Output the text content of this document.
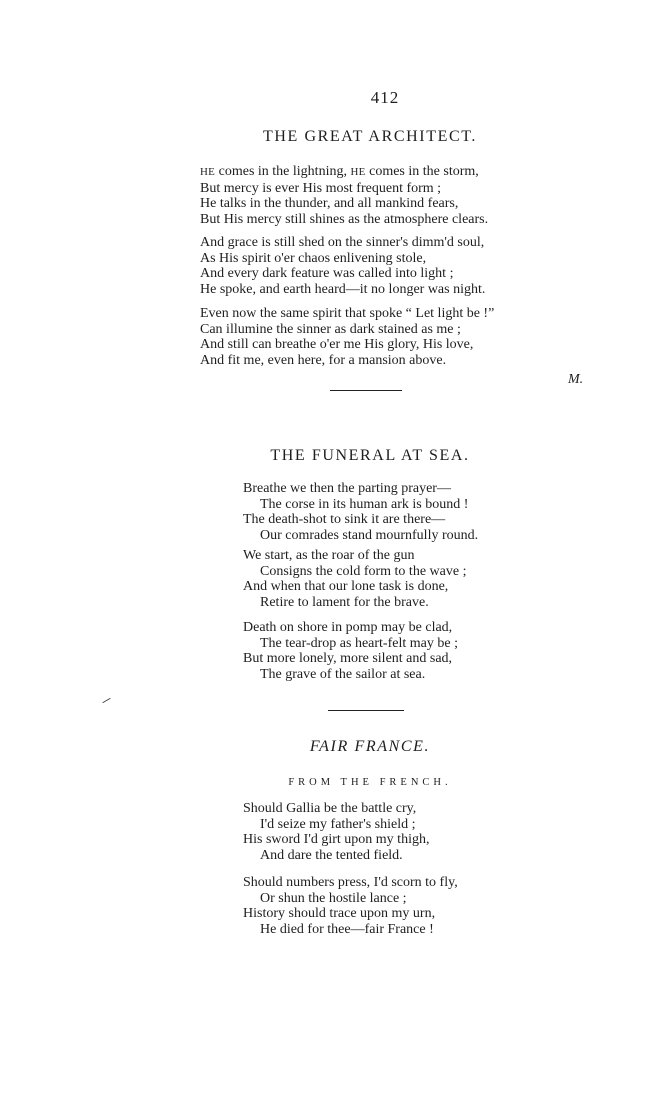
412
THE GREAT ARCHITECT.
HE comes in the lightning, HE comes in the storm,
But mercy is ever His most frequent form ;
He talks in the thunder, and all mankind fears,
But His mercy still shines as the atmosphere clears.
And grace is still shed on the sinner's dimm'd soul,
As His spirit o'er chaos enlivening stole,
And every dark feature was called into light ;
He spoke, and earth heard—it no longer was night.
Even now the same spirit that spoke “ Let light be !”
Can illumine the sinner as dark stained as me ;
And still can breathe o'er me His glory, His love,
And fit me, even here, for a mansion above.
M.
THE FUNERAL AT SEA.
Breathe we then the parting prayer—
The corse in its human ark is bound !
The death-shot to sink it are there—
Our comrades stand mournfully round.
We start, as the roar of the gun
Consigns the cold form to the wave ;
And when that our lone task is done,
Retire to lament for the brave.
Death on shore in pomp may be clad,
The tear-drop as heart-felt may be ;
But more lonely, more silent and sad,
The grave of the sailor at sea.
FAIR FRANCE.
FROM THE FRENCH.
Should Gallia be the battle cry,
I'd seize my father's shield ;
His sword I'd girt upon my thigh,
And dare the tented field.
Should numbers press, I'd scorn to fly,
Or shun the hostile lance ;
History should trace upon my urn,
He died for thee—fair France !
